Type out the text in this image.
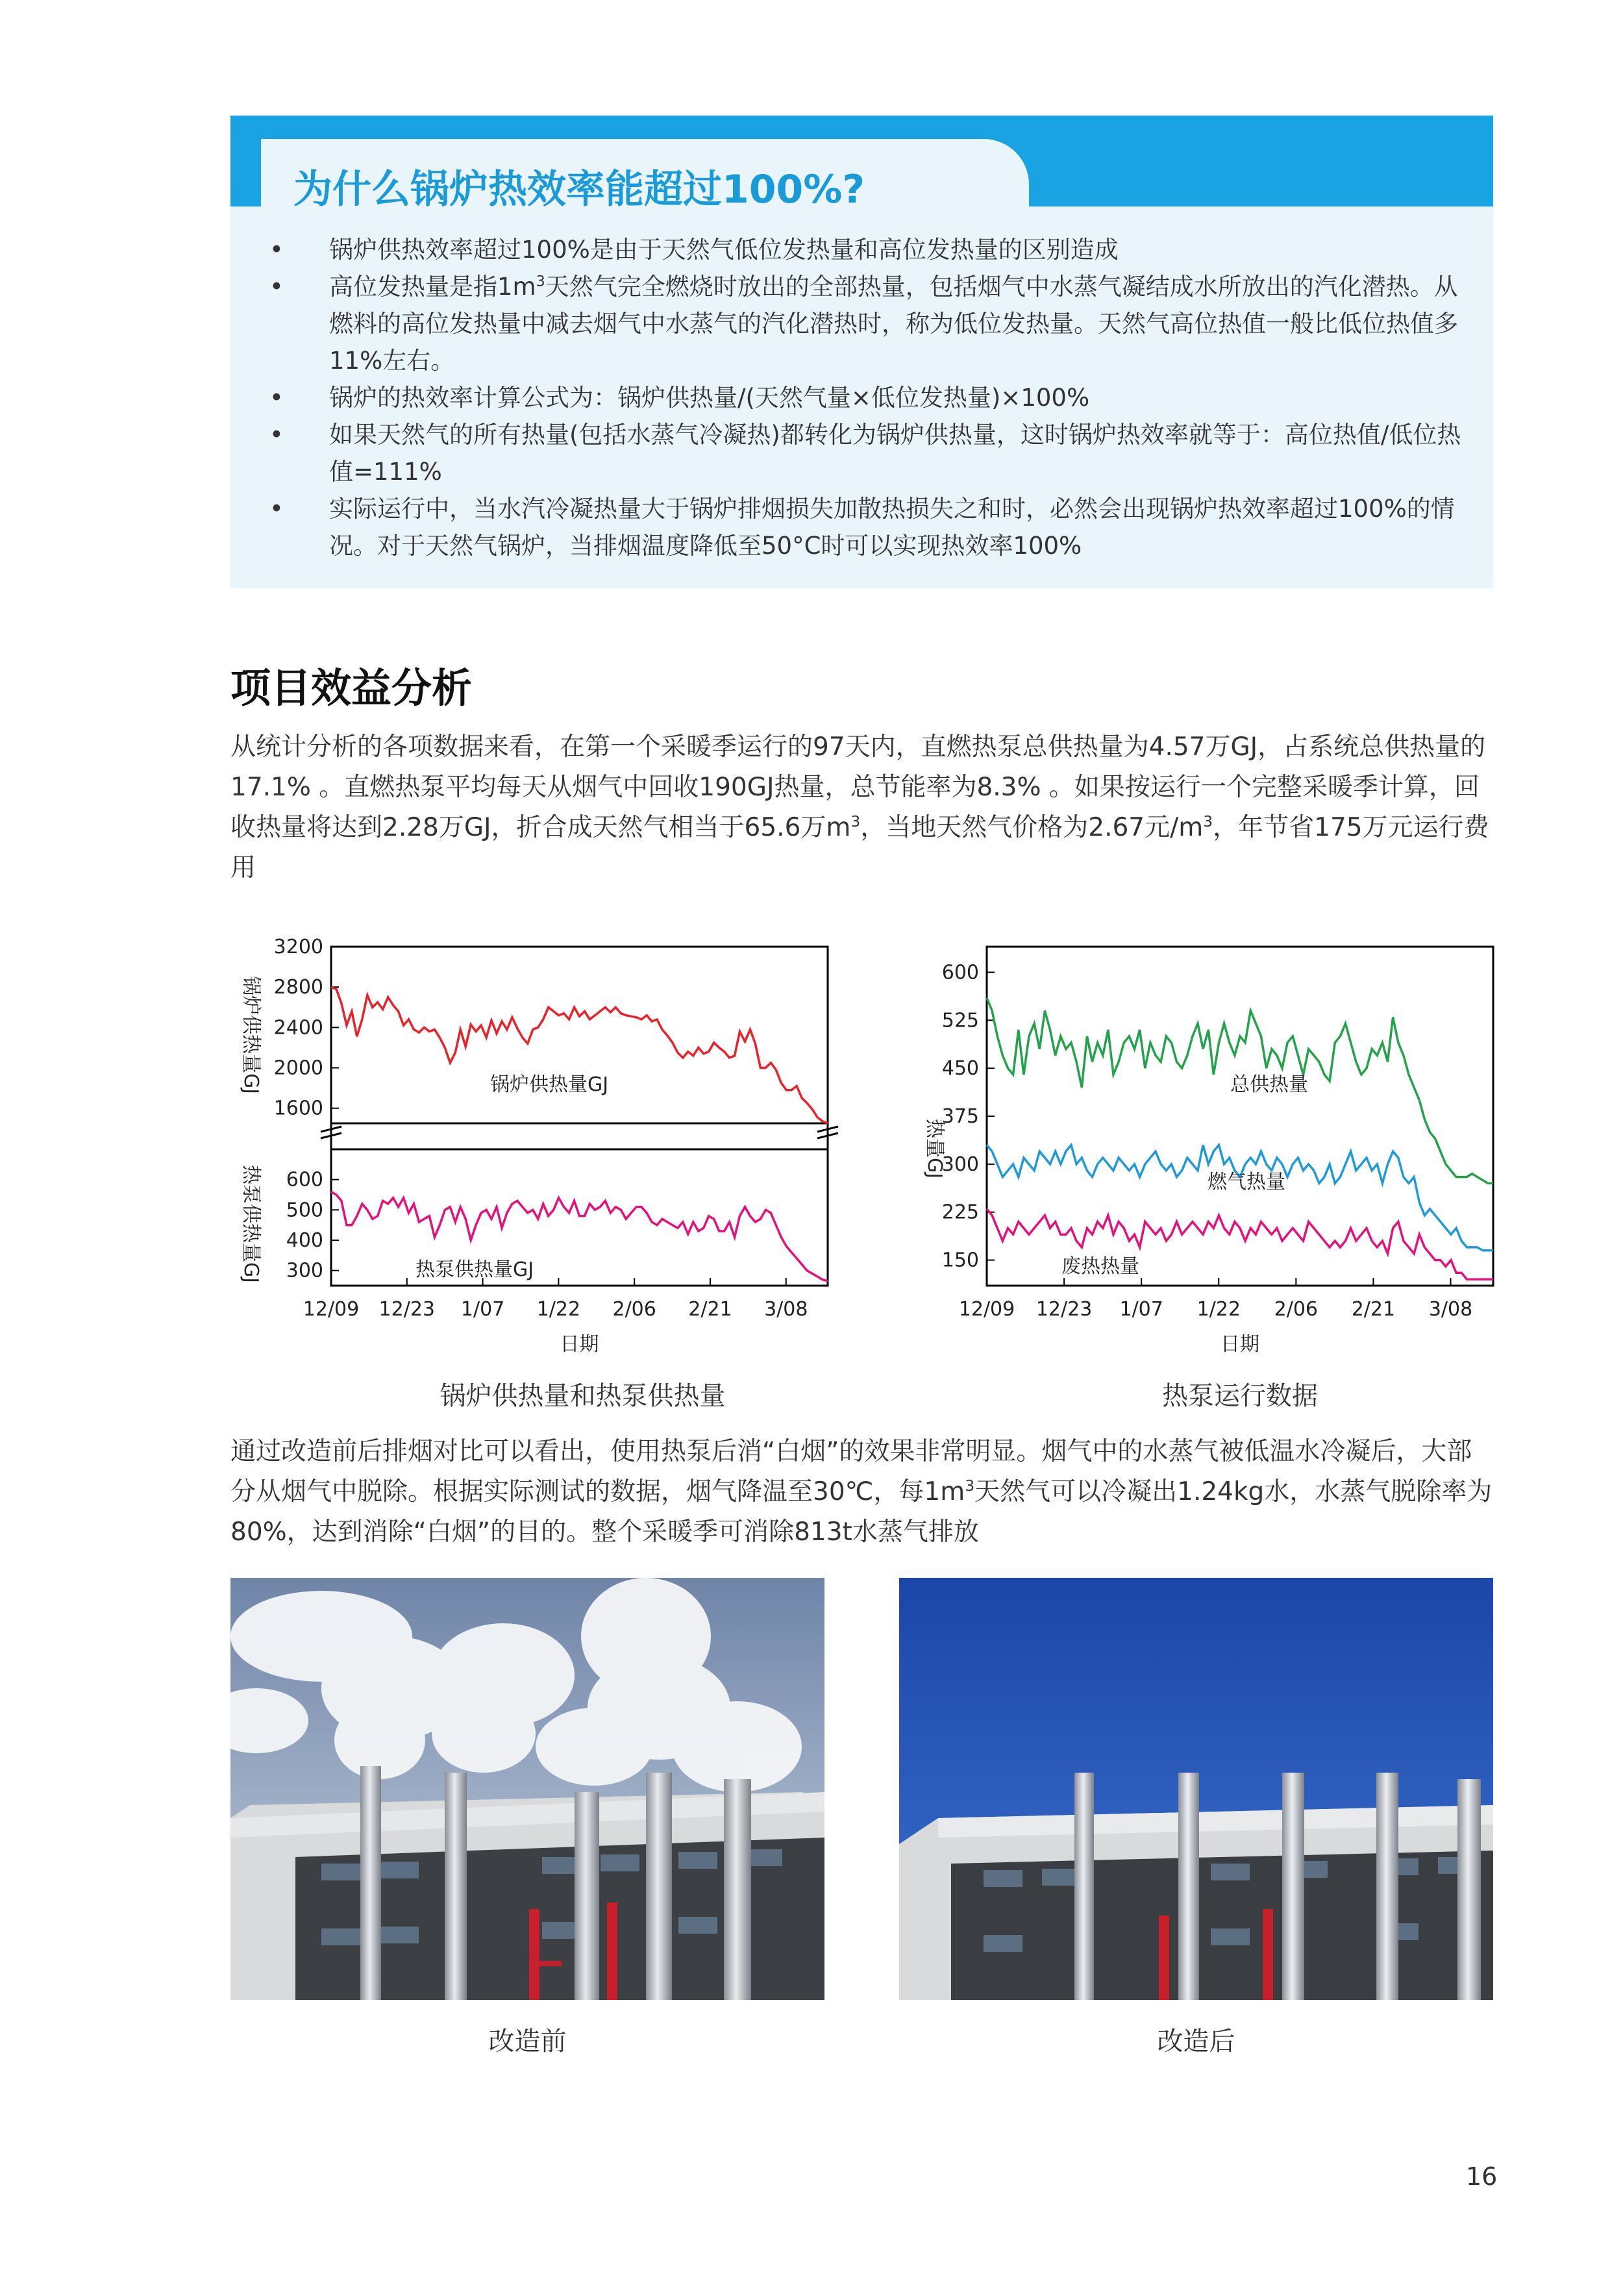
为什么锅炉热效率能超过100%?
• 锅炉供热效率超过100%是由于天然气低位发热量和高位发热量的区别造成
• 高位发热量是指$1m^3$天然气完全燃烧时放出的全部热量，包括烟气中水蒸气凝结成水所放出的汽化潜热。从燃料的高位发热量中减去烟气中水蒸气的汽化潜热时，称为低位发热量。天然气高位热值一般比低位热值多11%左右。
• 锅炉的热效率计算公式为：锅炉供热量/(天然气量×低位发热量)×100%
• 如果天然气的所有热量(包括水蒸气冷凝热)都转化为锅炉供热量，这时锅炉热效率就等于：高位热值/低位热值=111%
• 实际运行中，当水汽冷凝热量大于锅炉排烟损失加散热损失之和时，必然会出现锅炉热效率超过100%的情况。对于天然气锅炉，当排烟温度降低至50°C时可以实现热效率100%
项目效益分析

从统计分析的各项数据来看，在第一个采暖季运行的97天内，直燃热泵总供热量为4.57万GJ，占系统总供热量的17.1% 。直燃热泵平均每天从烟气中回收190GJ热量，总节能率为8.3% 。如果按运行一个完整采暖季计算，回收热量将达到2.28万GJ，折合成天然气相当于65.6万$m^3$，当地天然气价格为2.67元$/m^3$，年节省175万元运行费用

1600
2000
2400
2800
3200
300
400
500
600
12/09 12/23 1/07 1/22 2/06 2/21 3/08
日期
锅炉供热量GJ
热泵供热量GJ
锅炉供热量GJ
热泵供热量GJ
锅炉供热量和热泵供热量
150
225
300
375
450
525
600
12/09 12/23 1/07 1/22 2/06 2/21 3/08
日期
热量GJ
总供热量
燃气热量
废热热量
热泵运行数据

通过改造前后排烟对比可以看出，使用热泵后消“白烟”的效果非常明显。烟气中的水蒸气被低温水冷凝后，大部分从烟气中脱除。根据实际测试的数据，烟气降温至30℃，每$1m^3$天然气可以冷凝出1.24kg水，水蒸气脱除率为80%，达到消除“白烟”的目的。整个采暖季可消除813t水蒸气排放

改造前	改造后
16
